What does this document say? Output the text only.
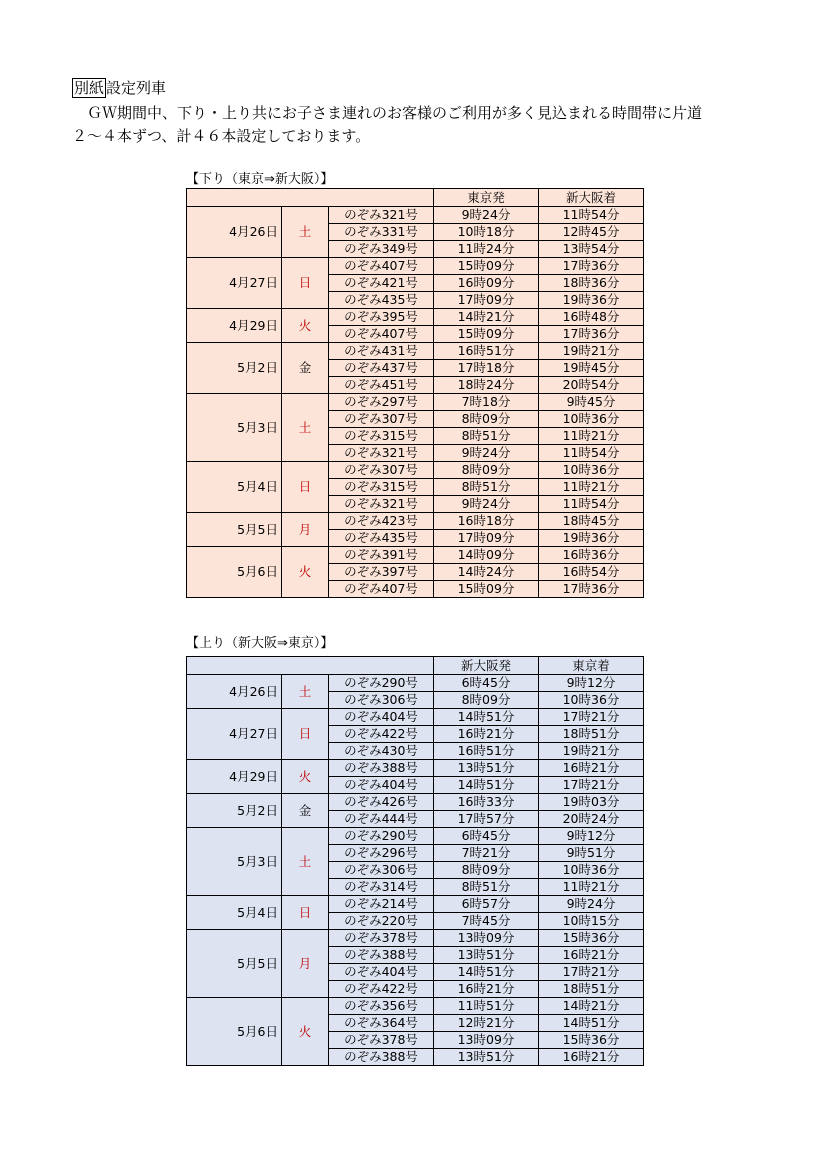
別紙 設定列車

ＧＷ期間中、下り・上り共にお子さま連れのお客様のご利用が多く見込まれる時間帯に片道

２～４本ずつ、計４６本設定しております。

【下り（東京⇒新大阪）】
			東京発	新大阪着
4月26日	土	のぞみ321号	9時24分	11時54分
		のぞみ331号	10時18分	12時45分
		のぞみ349号	11時24分	13時54分
4月27日	日	のぞみ407号	15時09分	17時36分
		のぞみ421号	16時09分	18時36分
		のぞみ435号	17時09分	19時36分
4月29日	火	のぞみ395号	14時21分	16時48分
		のぞみ407号	15時09分	17時36分
5月2日	金	のぞみ431号	16時51分	19時21分
		のぞみ437号	17時18分	19時45分
		のぞみ451号	18時24分	20時54分
5月3日	土	のぞみ297号	7時18分	9時45分
		のぞみ307号	8時09分	10時36分
		のぞみ315号	8時51分	11時21分
		のぞみ321号	9時24分	11時54分
5月4日	日	のぞみ307号	8時09分	10時36分
		のぞみ315号	8時51分	11時21分
		のぞみ321号	9時24分	11時54分
5月5日	月	のぞみ423号	16時18分	18時45分
		のぞみ435号	17時09分	19時36分
5月6日	火	のぞみ391号	14時09分	16時36分
		のぞみ397号	14時24分	16時54分
		のぞみ407号	15時09分	17時36分
【上り（新大阪⇒東京）】
			新大阪発	東京着
4月26日	土	のぞみ290号	6時45分	9時12分
		のぞみ306号	8時09分	10時36分
4月27日	日	のぞみ404号	14時51分	17時21分
		のぞみ422号	16時21分	18時51分
		のぞみ430号	16時51分	19時21分
4月29日	火	のぞみ388号	13時51分	16時21分
		のぞみ404号	14時51分	17時21分
5月2日	金	のぞみ426号	16時33分	19時03分
		のぞみ444号	17時57分	20時24分
5月3日	土	のぞみ290号	6時45分	9時12分
		のぞみ296号	7時21分	9時51分
		のぞみ306号	8時09分	10時36分
		のぞみ314号	8時51分	11時21分
5月4日	日	のぞみ214号	6時57分	9時24分
		のぞみ220号	7時45分	10時15分
5月5日	月	のぞみ378号	13時09分	15時36分
		のぞみ388号	13時51分	16時21分
		のぞみ404号	14時51分	17時21分
		のぞみ422号	16時21分	18時51分
5月6日	火	のぞみ356号	11時51分	14時21分
		のぞみ364号	12時21分	14時51分
		のぞみ378号	13時09分	15時36分
		のぞみ388号	13時51分	16時21分
